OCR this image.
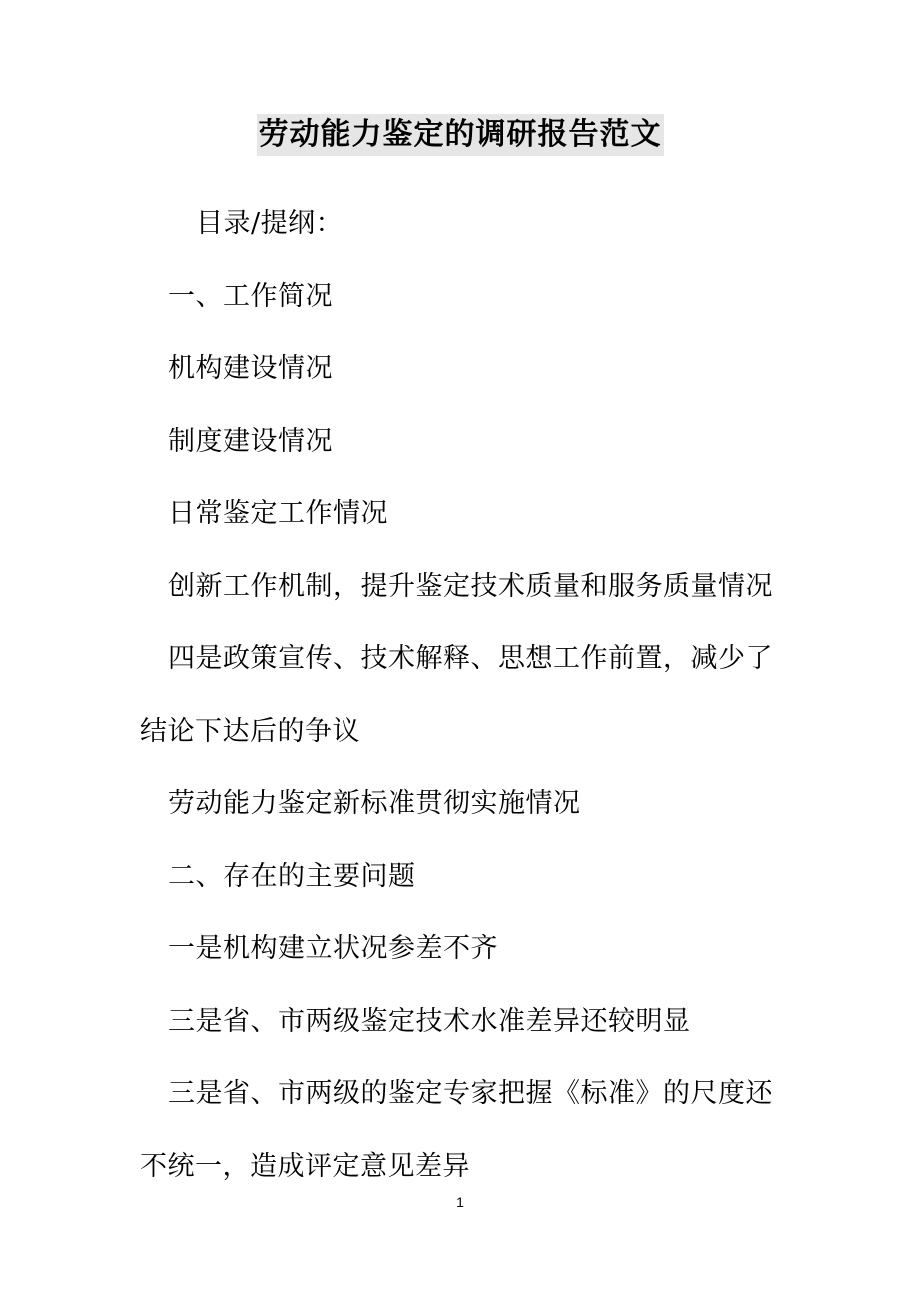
劳动能力鉴定的调研报告范文

目录/提纲：

一、工作简况

机构建设情况

制度建设情况

日常鉴定工作情况

创新工作机制，提升鉴定技术质量和服务质量情况

四是政策宣传、技术解释、思想工作前置，减少了

结论下达后的争议

劳动能力鉴定新标准贯彻实施情况

二、存在的主要问题

一是机构建立状况参差不齐

三是省、市两级鉴定技术水准差异还较明显

三是省、市两级的鉴定专家把握《标准》的尺度还

不统一，造成评定意见差异

1
